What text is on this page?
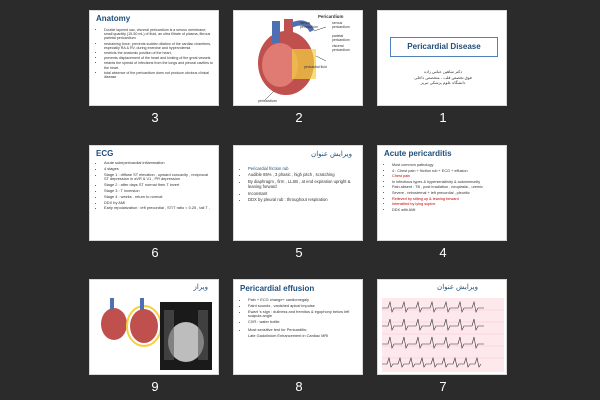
Anatomy
• Double layered sac, visceral pericardium is a serous membrane; small quantity (15-50 mL) of fluid, an ultra filtrate of plasma, fibrous parietal pericardium
• restraining force, prevents sudden dilation of the cardiac chambers, especially RA & RV, during exercise and hypervolemia
• restricts the anatomic position of the heart,
• prevents displacement of the heart and kinking of the great vessels
• retards the spread of infections from the lungs and pleural cavities to the heart.
• total absence of the pericardium does not produce obvious clinical disease
3
Pericardium
fibrous pericardium
serous pericardium
parietal pericardium
visceral pericardium
pericardial fluid
pericardium
2
Pericardial Disease
دکتر شاهین عباس زاده
فوق تخصص قلب - متخصص داخلی
دانشگاه علوم پزشکی تبریز
1
ECG
• Acute subepericardial inflammation
• 4 stages
• Stage 1 : diffuse ST elevation , upward concavity , reciprocal ST depression in aVR & V1 , PR depression
• Stage 2 : after days ST normal then T invert
• Stage 3 : T inversion
• Stage 4 : weeks , return to normal
• DDX by AMI
• Early repolarization : left precordial , ST/T ratio < 0.25 , tall T ,
6
ویرایش عنوان
• Pericardial friction rub
• Audible 85% , 3 phasic , high pitch , scratching
• By diaphragm , firm , LLSB , at end expiration upright & leaning forward
• Inconstant
• DDX by pleural rub : throughout respiration
5
Acute pericarditis
• Most common pathology
• 4 : Chest pain + friction rub + ECG + effusion
• Chest pain
• In infectious types & hypersensitivity & autoimmunity
• Pain absent : TB , post irradiation , neoplastic , uremic
• Severe , retrosternal + left precordial , pleuritic
• Relieved by sitting up & leaning forward
• Intensified by lying supine
• DDX with AMI
4
ویراز
9
Pericardial effusion
• Pain + ECG change+ cardiomegaly
• Faint sounds , vanished apical impulse
• Ewart 's sign : dullness and fremitus & egophony below left scapula angle
• CXR : water bottle
• Most sensitive test for Pericarditis:
Late Gadolinium Enhancement in Cardiac MRI
8
ویرایش عنوان
7
